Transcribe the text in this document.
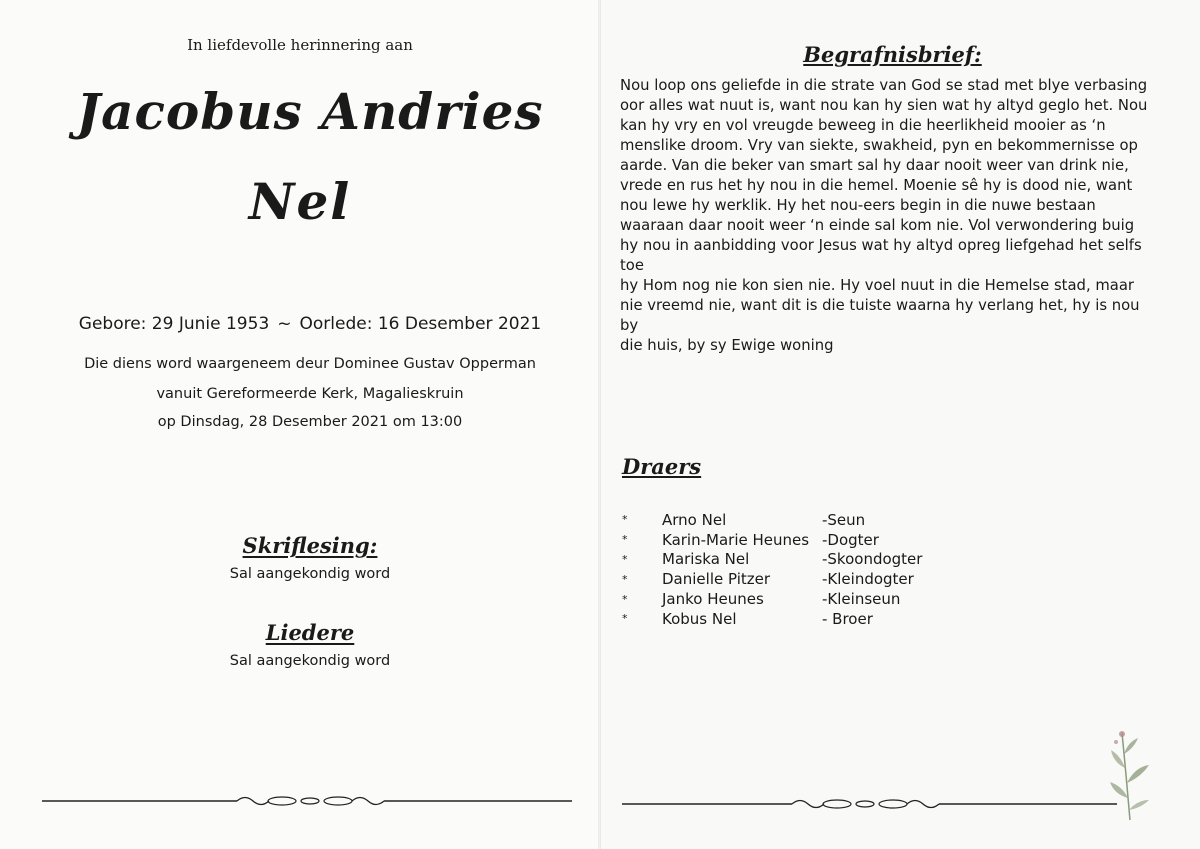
In liefdevolle herinnering aan
Jacobus Andries
Nel
Gebore: 29 Junie 1953 ~ Oorlede: 16 Desember 2021
Die diens word waargeneem deur Dominee Gustav Opperman
vanuit Gereformeerde Kerk, Magalieskruin
op Dinsdag, 28 Desember 2021 om 13:00
Skriflesing:
Sal aangekondig word
Liedere
Sal aangekondig word
Begrafnisbrief:
Nou loop ons geliefde in die strate van God se stad met blye verbasing
oor alles wat nuut is, want nou kan hy sien wat hy altyd geglo het. Nou
kan hy vry en vol vreugde beweeg in die heerlikheid mooier as ‘n
menslike droom. Vry van siekte, swakheid, pyn en bekommernisse op
aarde. Van die beker van smart sal hy daar nooit weer van drink nie,
vrede en rus het hy nou in die hemel. Moenie sê hy is dood nie, want
nou lewe hy werklik. Hy het nou-eers begin in die nuwe bestaan
waaraan daar nooit weer ‘n einde sal kom nie. Vol verwondering buig
hy nou in aanbidding voor Jesus wat hy altyd opreg liefgehad het selfs toe
hy Hom nog nie kon sien nie. Hy voel nuut in die Hemelse stad, maar
nie vreemd nie, want dit is die tuiste waarna hy verlang het, hy is nou by
die huis, by sy Ewige woning
Draers
*	Arno Nel	-Seun
*	Karin-Marie Heunes -Dogter
*	Mariska Nel	-Skoondogter
*	Danielle Pitzer	-Kleindogter
*	Janko Heunes	-Kleinseun
*	Kobus Nel	- Broer
